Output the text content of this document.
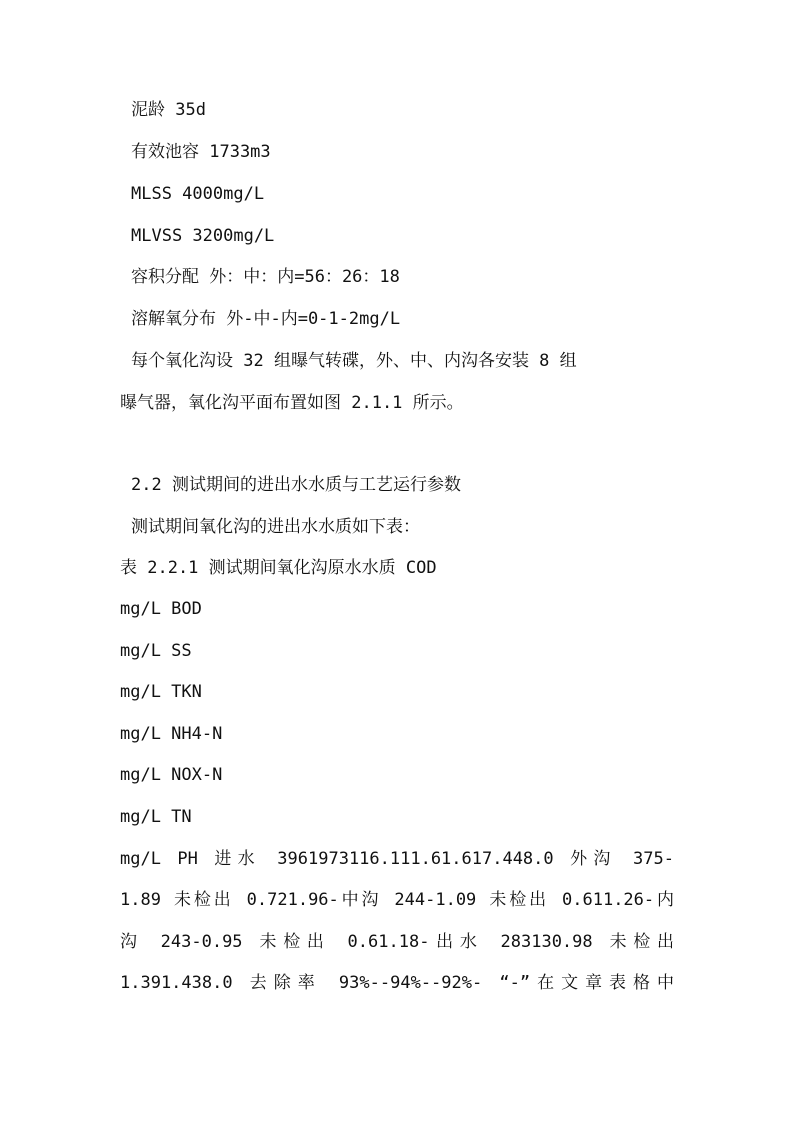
泥龄 35d
有效池容 1733m3
MLSS 4000mg/L
MLVSS 3200mg/L
容积分配 外：中：内=56：26：18
溶解氧分布 外-中-内=0-1-2mg/L
每个氧化沟设 32 组曝气转碟，外、中、内沟各安装 8 组
曝气器，氧化沟平面布置如图 2.1.1 所示。
2.2 测试期间的进出水水质与工艺运行参数
测试期间氧化沟的进出水水质如下表：
表 2.2.1 测试期间氧化沟原水水质 COD
mg/L BOD
mg/L SS
mg/L TKN
mg/L NH4-N
mg/L NOX-N
mg/L TN
mg/L PH 进水 3961973116.111.61.617.448.0 外沟 375-
1.89 未检出 0.721.96-中沟 244-1.09 未检出 0.611.26-内
沟 243-0.95 未检出 0.61.18-出水 283130.98 未检出
1.391.438.0 去除率 93%--94%--92%- “-”在文章表格中
